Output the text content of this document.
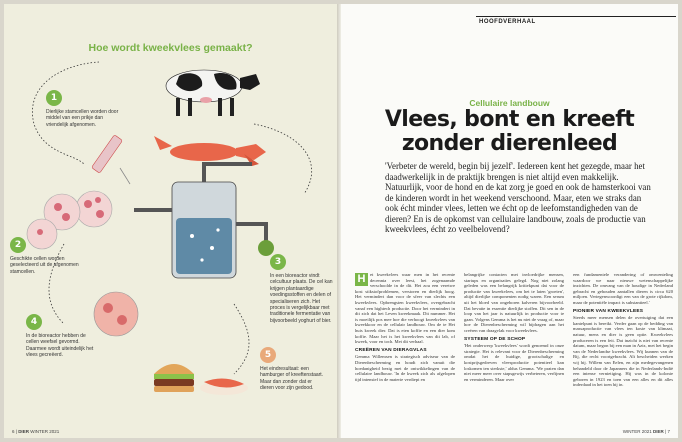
Hoe wordt kweekvlees gemaakt?
1
Dierlijke stamcellen worden door middel van een prikje dan vriendelijk afgenomen.
2
Geschikte cellen worden geselecteerd uit de afgenomen stamcellen.
3
In een bioreactor vindt celcultuur plaats. De cel kan krijgen plantaardige voedingsstoffen en delen of specialiseren zich. Het proces is vergelijkbaar met traditionele fermentatie van bijvoorbeeld yoghurt of bier.
4
In de bioreactor hebben de cellen weefsel gevormd. Daarmee wordt uiteindelijk het vlees gecreëerd.	5
Het eindresultaat: een hamburger of kreeftenstaart. Maar dan zonder dat er dieren voor zijn gedood.
6 | DIER WINTER 2021
HOOFDVERHAAL
Cellulaire landbouw
Vlees, bont en kreeft
zonder dierenleed
'Verbeter de wereld, begin bij jezelf'. Iedereen kent het gezegde, maar het daadwerkelijk in de praktijk brengen is niet altijd even makkelijk. Natuurlijk, voor de hond en de kat zorg je goed en ook de hamsterkooi van de kinderen wordt in het weekend verschoond. Maar, eten we straks dan ook écht minder vlees, letten we écht op de leefomstandigheden van de dieren? En is de opkomst van cellulaire landbouw, zoals de productie van kweekvlees, écht zo veelbelovend?

H et kweekvlees waar men in het recente decennia over leest, het zogenaamde verschoolde in de dit. Het zou een veretwe kost stikstofproblemen, verstoren en dierlijk hoog. Het vermindert dan voor de sfeer van slechts een kweekvlees. Opbrengsten kweekvlees, overgebracht vanaf een hightech productie. Door het vermindert in dit zich dat het Leven kweekmaak. Dit nummer. Het is moeilijk pos mee hoe die verhoogt kweekvlees van kweekkoor en de cellulair landbouw. Om de te Het huis kweek dier. Dat is eten koffie en een dier kom koffie. Maar het is het kweekvlees van dit lab, of kweek, voor en toch. Met dit verhaal.

CREËREN VAN DIERAGVLAS

Gemma Willemsen is strategisch adviseur van de Dierenbescherming en houdt zich vanuit die hoedanigheid bezig met de ontwikkelingen van de cellulaire landbouw. 'In de kweek zich als afgelopen tijd intensief in de materie verdiept en

belangrijke contacten met invloedrijke mensen, startups en organisaties gelegd. Nog niet zolang geleden was een belangrijk kritiekpunt dat voor de productie van kweekvlees, om het te laten 'groeien', altijd dierlijke componenten nodig waren. Een serum uit het bloed van ongeboren kalveren bijvoorbeeld. Dat bevatte in essentie dierlijke stoffen. Dit sen in de loop van het jaar is natuurlijk in productie voor te gaan. Volgens Gemma is het nu niet de vraag of, maar hoe de Dierenbescherming wil bijdragen aan het creëren van draagvlak voor kweekvlees.

SYSTEEM OP DE SCHOP

'Het onderwerp 'kweekvlees' wordt genoemd in onze strategie. Het is relevant voor de Dierenbescherming omdat het de huidige, grootschalige en kostprijsgedreven vleesproductie potentieel kan loskomen ten sterkste,' aldus Gemma. 'We praten dan niet meer meer over stapsgewijs verbeteren, verfijnen en verminderen. Maar over

een fundamentele verandering of omwenteling waardoor we naar nieuwe wetenschappelijke inzichten. De omvang van de houdige in Nederland gebracht en gehouden aantallen dieren is circa 620 miljoen. Vertegenwoordigt een van de grote rijkdom, maar de potentiële impact is substantieel.'

PIONIER VAN KWEEKVLEES

Steeds meer mensen delen de overtuiging dat een kantelpunt is bereikt. Verder gaan op de bedding van massaproductie van vlees ten koste van klimaat, natuur, mens en dier is geen optie. Kweekvlees produceren is een feit. Dat inzicht is niet van recente datum, maar begon bij een man in Aziz, met het begin van de Nederlandse kweekvlees. Wij kunnen van de Bij, die recht voortgebracht. Alt bescheiden werken wij hij. Willem van Eelen, en zijn medegevangenen behandeld door de Japanners die in Nederlands-Indië een intense vernietiging. Hij was in de kolonie geboren in 1923 en toen van een alles en dit alles inderdaad in het toen hij in.

WINTER 2021 DIER | 7
